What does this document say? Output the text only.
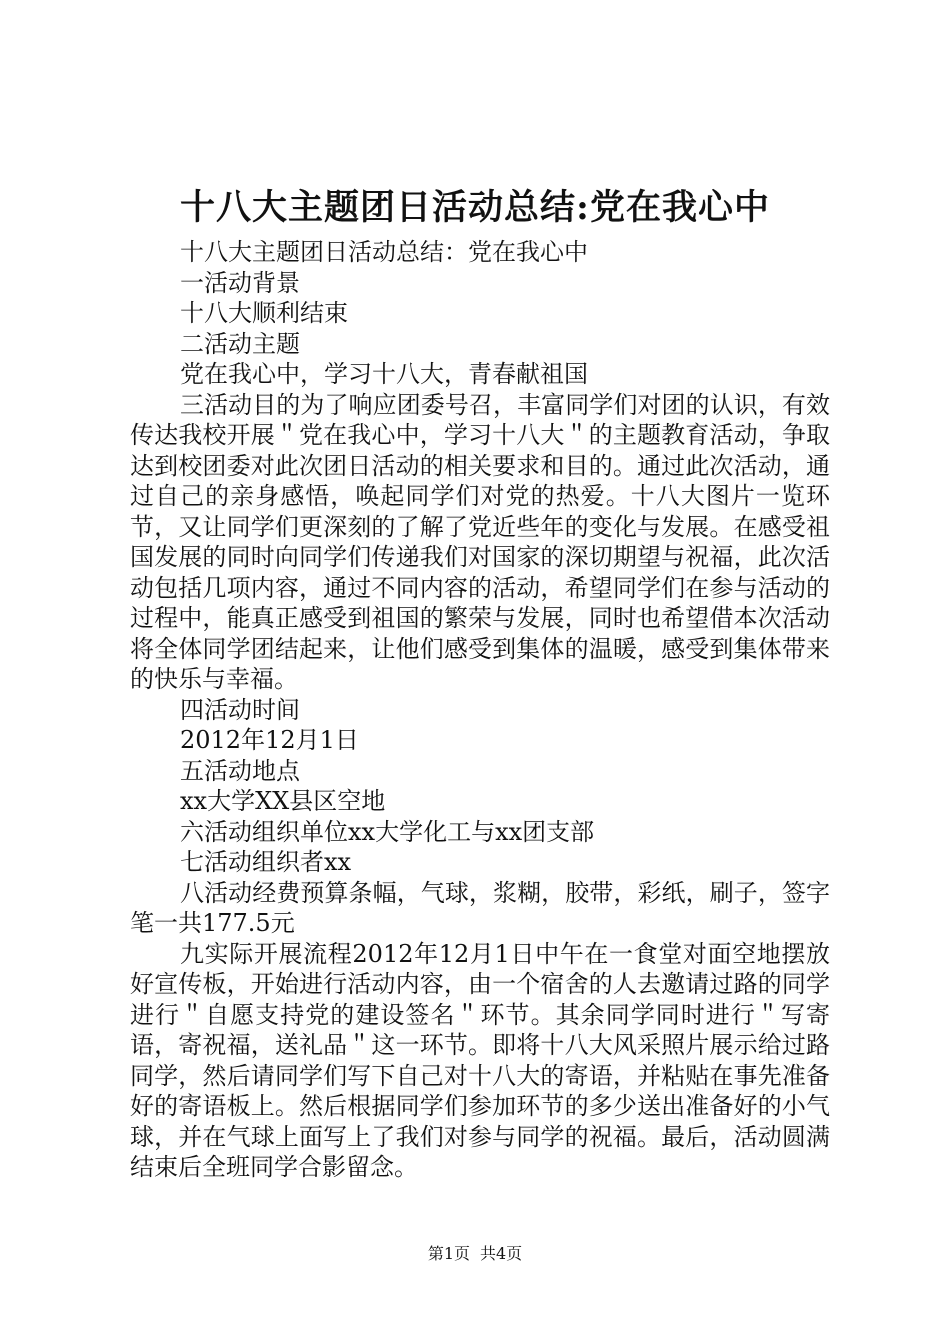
十八大主题团日活动总结:党在我心中
十八大主题团日活动总结：党在我心中
一活动背景
十八大顺利结束
二活动主题
党在我心中，学习十八大，青春献祖国
三活动目的为了响应团委号召，丰富同学们对团的认识，有效传达我校开展＂党在我心中，学习十八大＂的主题教育活动，争取达到校团委对此次团日活动的相关要求和目的。通过此次活动，通过自己的亲身感悟，唤起同学们对党的热爱。十八大图片一览环节，又让同学们更深刻的了解了党近些年的变化与发展。在感受祖国发展的同时向同学们传递我们对国家的深切期望与祝福，此次活动包括几项内容，通过不同内容的活动，希望同学们在参与活动的过程中，能真正感受到祖国的繁荣与发展，同时也希望借本次活动将全体同学团结起来，让他们感受到集体的温暖，感受到集体带来的快乐与幸福。
四活动时间
2012年12月1日
五活动地点
xx大学XX县区空地
六活动组织单位xx大学化工与xx团支部
七活动组织者xx
八活动经费预算条幅，气球，浆糊，胶带，彩纸，刷子，签字笔一共177.5元
九实际开展流程2012年12月1日中午在一食堂对面空地摆放好宣传板，开始进行活动内容，由一个宿舍的人去邀请过路的同学进行＂自愿支持党的建设签名＂环节。其余同学同时进行＂写寄语，寄祝福，送礼品＂这一环节。即将十八大风采照片展示给过路同学，然后请同学们写下自己对十八大的寄语，并粘贴在事先准备好的寄语板上。然后根据同学们参加环节的多少送出准备好的小气球，并在气球上面写上了我们对参与同学的祝福。最后，活动圆满结束后全班同学合影留念。
第1页 共4页
